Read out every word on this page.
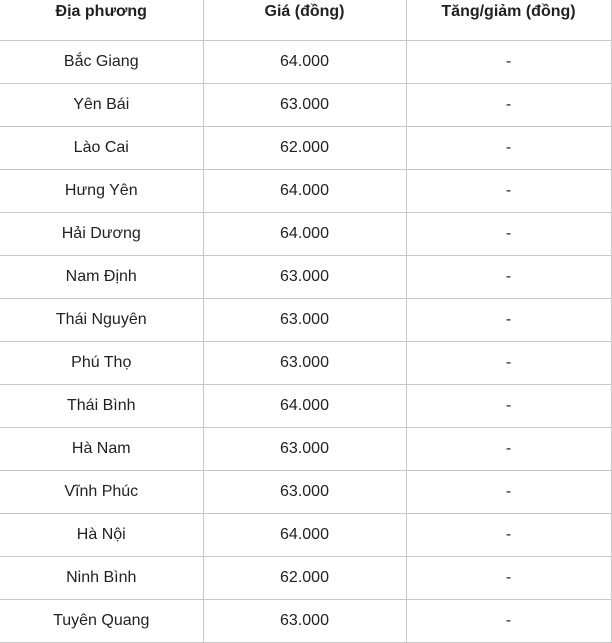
Địa phương	Giá (đồng)	Tăng/giảm (đồng)
Bắc Giang	64.000	-
Yên Bái	63.000	-
Lào Cai	62.000	-
Hưng Yên	64.000	-
Hải Dương	64.000	-
Nam Định	63.000	-
Thái Nguyên	63.000	-
Phú Thọ	63.000	-
Thái Bình	64.000	-
Hà Nam	63.000	-
Vĩnh Phúc	63.000	-
Hà Nội	64.000	-
Ninh Bình	62.000	-
Tuyên Quang	63.000	-
